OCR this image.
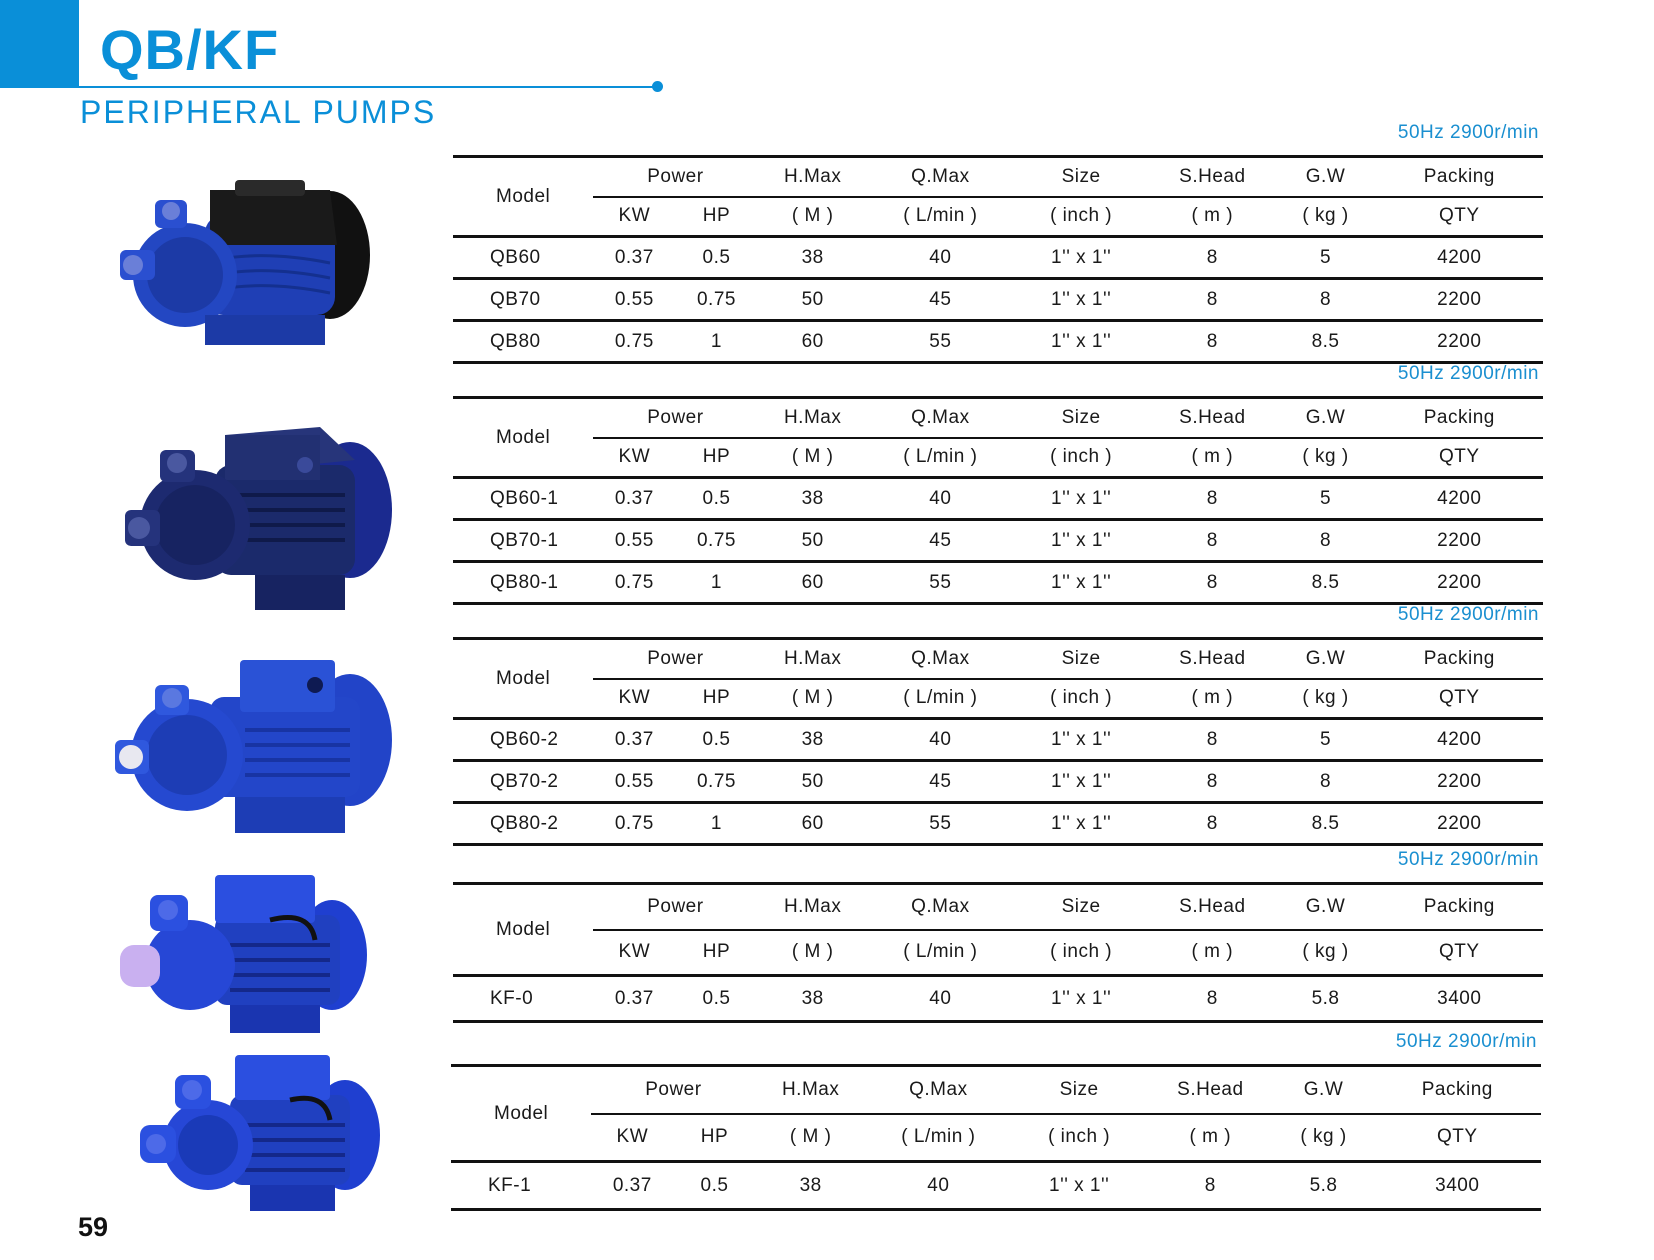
QB/KF
PERIPHERAL PUMPS
50Hz 2900r/min
Model	Power		H.Max	Q.Max	Size	S.Head	G.W	Packing
	KW	HP	( M )	( L/min )	( inch )	( m )	( kg )	QTY
QB60	0.37	0.5	38	40	1'' x 1''	8	5	4200
QB70	0.55	0.75	50	45	1'' x 1''	8	8	2200
QB80	0.75	1	60	55	1'' x 1''	8	8.5	2200
50Hz 2900r/min
Model	Power		H.Max	Q.Max	Size	S.Head	G.W	Packing
	KW	HP	( M )	( L/min )	( inch )	( m )	( kg )	QTY
QB60-1	0.37	0.5	38	40	1'' x 1''	8	5	4200
QB70-1	0.55	0.75	50	45	1'' x 1''	8	8	2200
QB80-1	0.75	1	60	55	1'' x 1''	8	8.5	2200
50Hz 2900r/min
Model	Power		H.Max	Q.Max	Size	S.Head	G.W	Packing
	KW	HP	( M )	( L/min )	( inch )	( m )	( kg )	QTY
QB60-2	0.37	0.5	38	40	1'' x 1''	8	5	4200
QB70-2	0.55	0.75	50	45	1'' x 1''	8	8	2200
QB80-2	0.75	1	60	55	1'' x 1''	8	8.5	2200
50Hz 2900r/min
Model	Power		H.Max	Q.Max	Size	S.Head	G.W	Packing
	KW	HP	( M )	( L/min )	( inch )	( m )	( kg )	QTY
KF-0	0.37	0.5	38	40	1'' x 1''	8	5.8	3400
50Hz 2900r/min
Model	Power		H.Max	Q.Max	Size	S.Head	G.W	Packing
	KW	HP	( M )	( L/min )	( inch )	( m )	( kg )	QTY
KF-1	0.37	0.5	38	40	1'' x 1''	8	5.8	3400
59
